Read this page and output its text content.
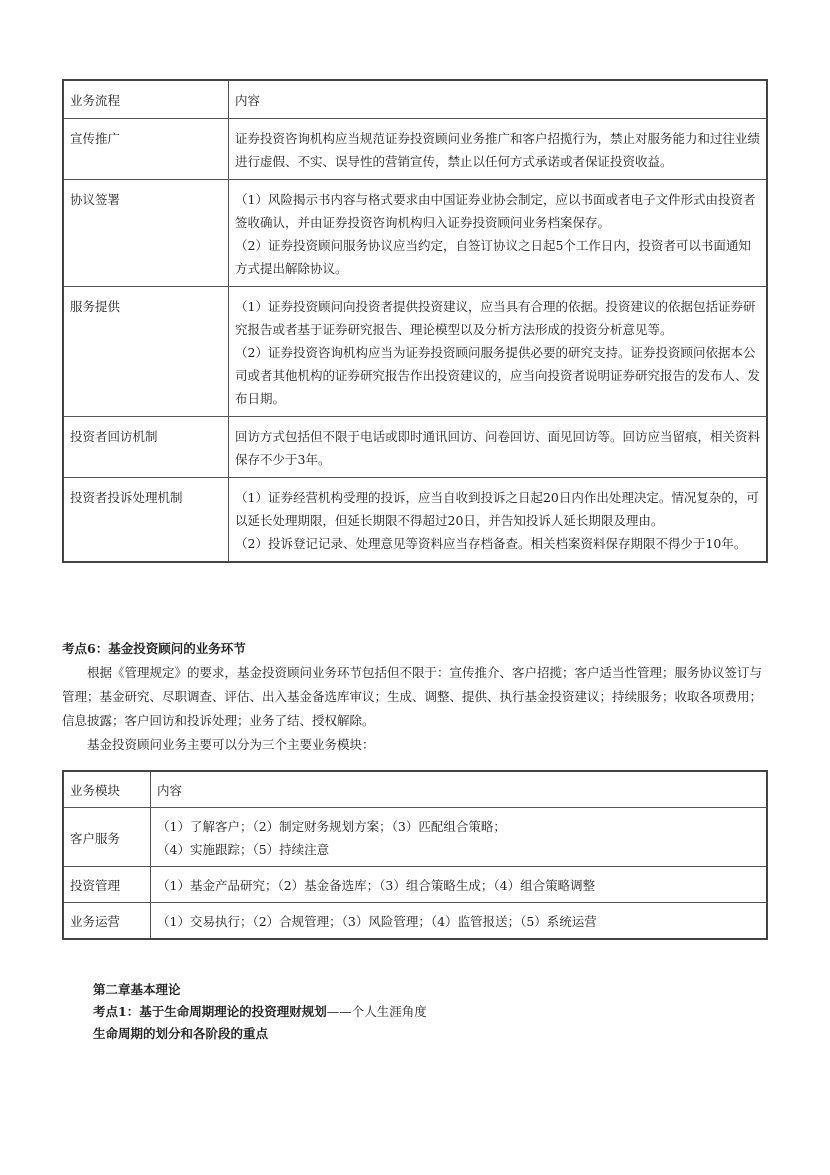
业务流程	内容
宣传推广	证券投资咨询机构应当规范证券投资顾问业务推广和客户招揽行为，禁止对服务能力和过往业绩进行虚假、不实、误导性的营销宣传，禁止以任何方式承诺或者保证投资收益。

协议签署	（1）风险揭示书内容与格式要求由中国证券业协会制定，应以书面或者电子文件形式由投资者签收确认，并由证券投资咨询机构归入证券投资顾问业务档案保存。
（2）证券投资顾问服务协议应当约定，自签订协议之日起5个工作日内，投资者可以书面通知方式提出解除协议。

服务提供	（1）证券投资顾问向投资者提供投资建议，应当具有合理的依据。投资建议的依据包括证券研究报告或者基于证券研究报告、理论模型以及分析方法形成的投资分析意见等。
（2）证券投资咨询机构应当为证券投资顾问服务提供必要的研究支持。证券投资顾问依据本公司或者其他机构的证券研究报告作出投资建议的，应当向投资者说明证券研究报告的发布人、发布日期。

投资者回访机制	回访方式包括但不限于电话或即时通讯回访、问卷回访、面见回访等。回访应当留痕，相关资料保存不少于3年。

投资者投诉处理机制	（1）证券经营机构受理的投诉，应当自收到投诉之日起20日内作出处理决定。情况复杂的，可以延长处理期限，但延长期限不得超过20日，并告知投诉人延长期限及理由。
（2）投诉登记记录、处理意见等资料应当存档备查。相关档案资料保存期限不得少于10年。
考点6：基金投资顾问的业务环节

根据《管理规定》的要求，基金投资顾问业务环节包括但不限于：宣传推介、客户招揽；客户适当性管理；服务协议签订与管理；基金研究、尽职调查、评估、出入基金备选库审议；生成、调整、提供、执行基金投资建议；持续服务；收取各项费用； 信息披露；客户回访和投诉处理；业务了结、授权解除。

基金投资顾问业务主要可以分为三个主要业务模块：

业务模块	内容
客户服务	（1）了解客户；（2）制定财务规划方案；（3）匹配组合策略；
（4）实施跟踪；（5）持续注意

投资管理	（1）基金产品研究；（2）基金备选库；（3）组合策略生成；（4）组合策略调整

业务运营	（1）交易执行；（2）合规管理；（3）风险管理；（4）监管报送；（5）系统运营
第二章基本理论
考点1：基于生命周期理论的投资理财规划——个人生涯角度
生命周期的划分和各阶段的重点
